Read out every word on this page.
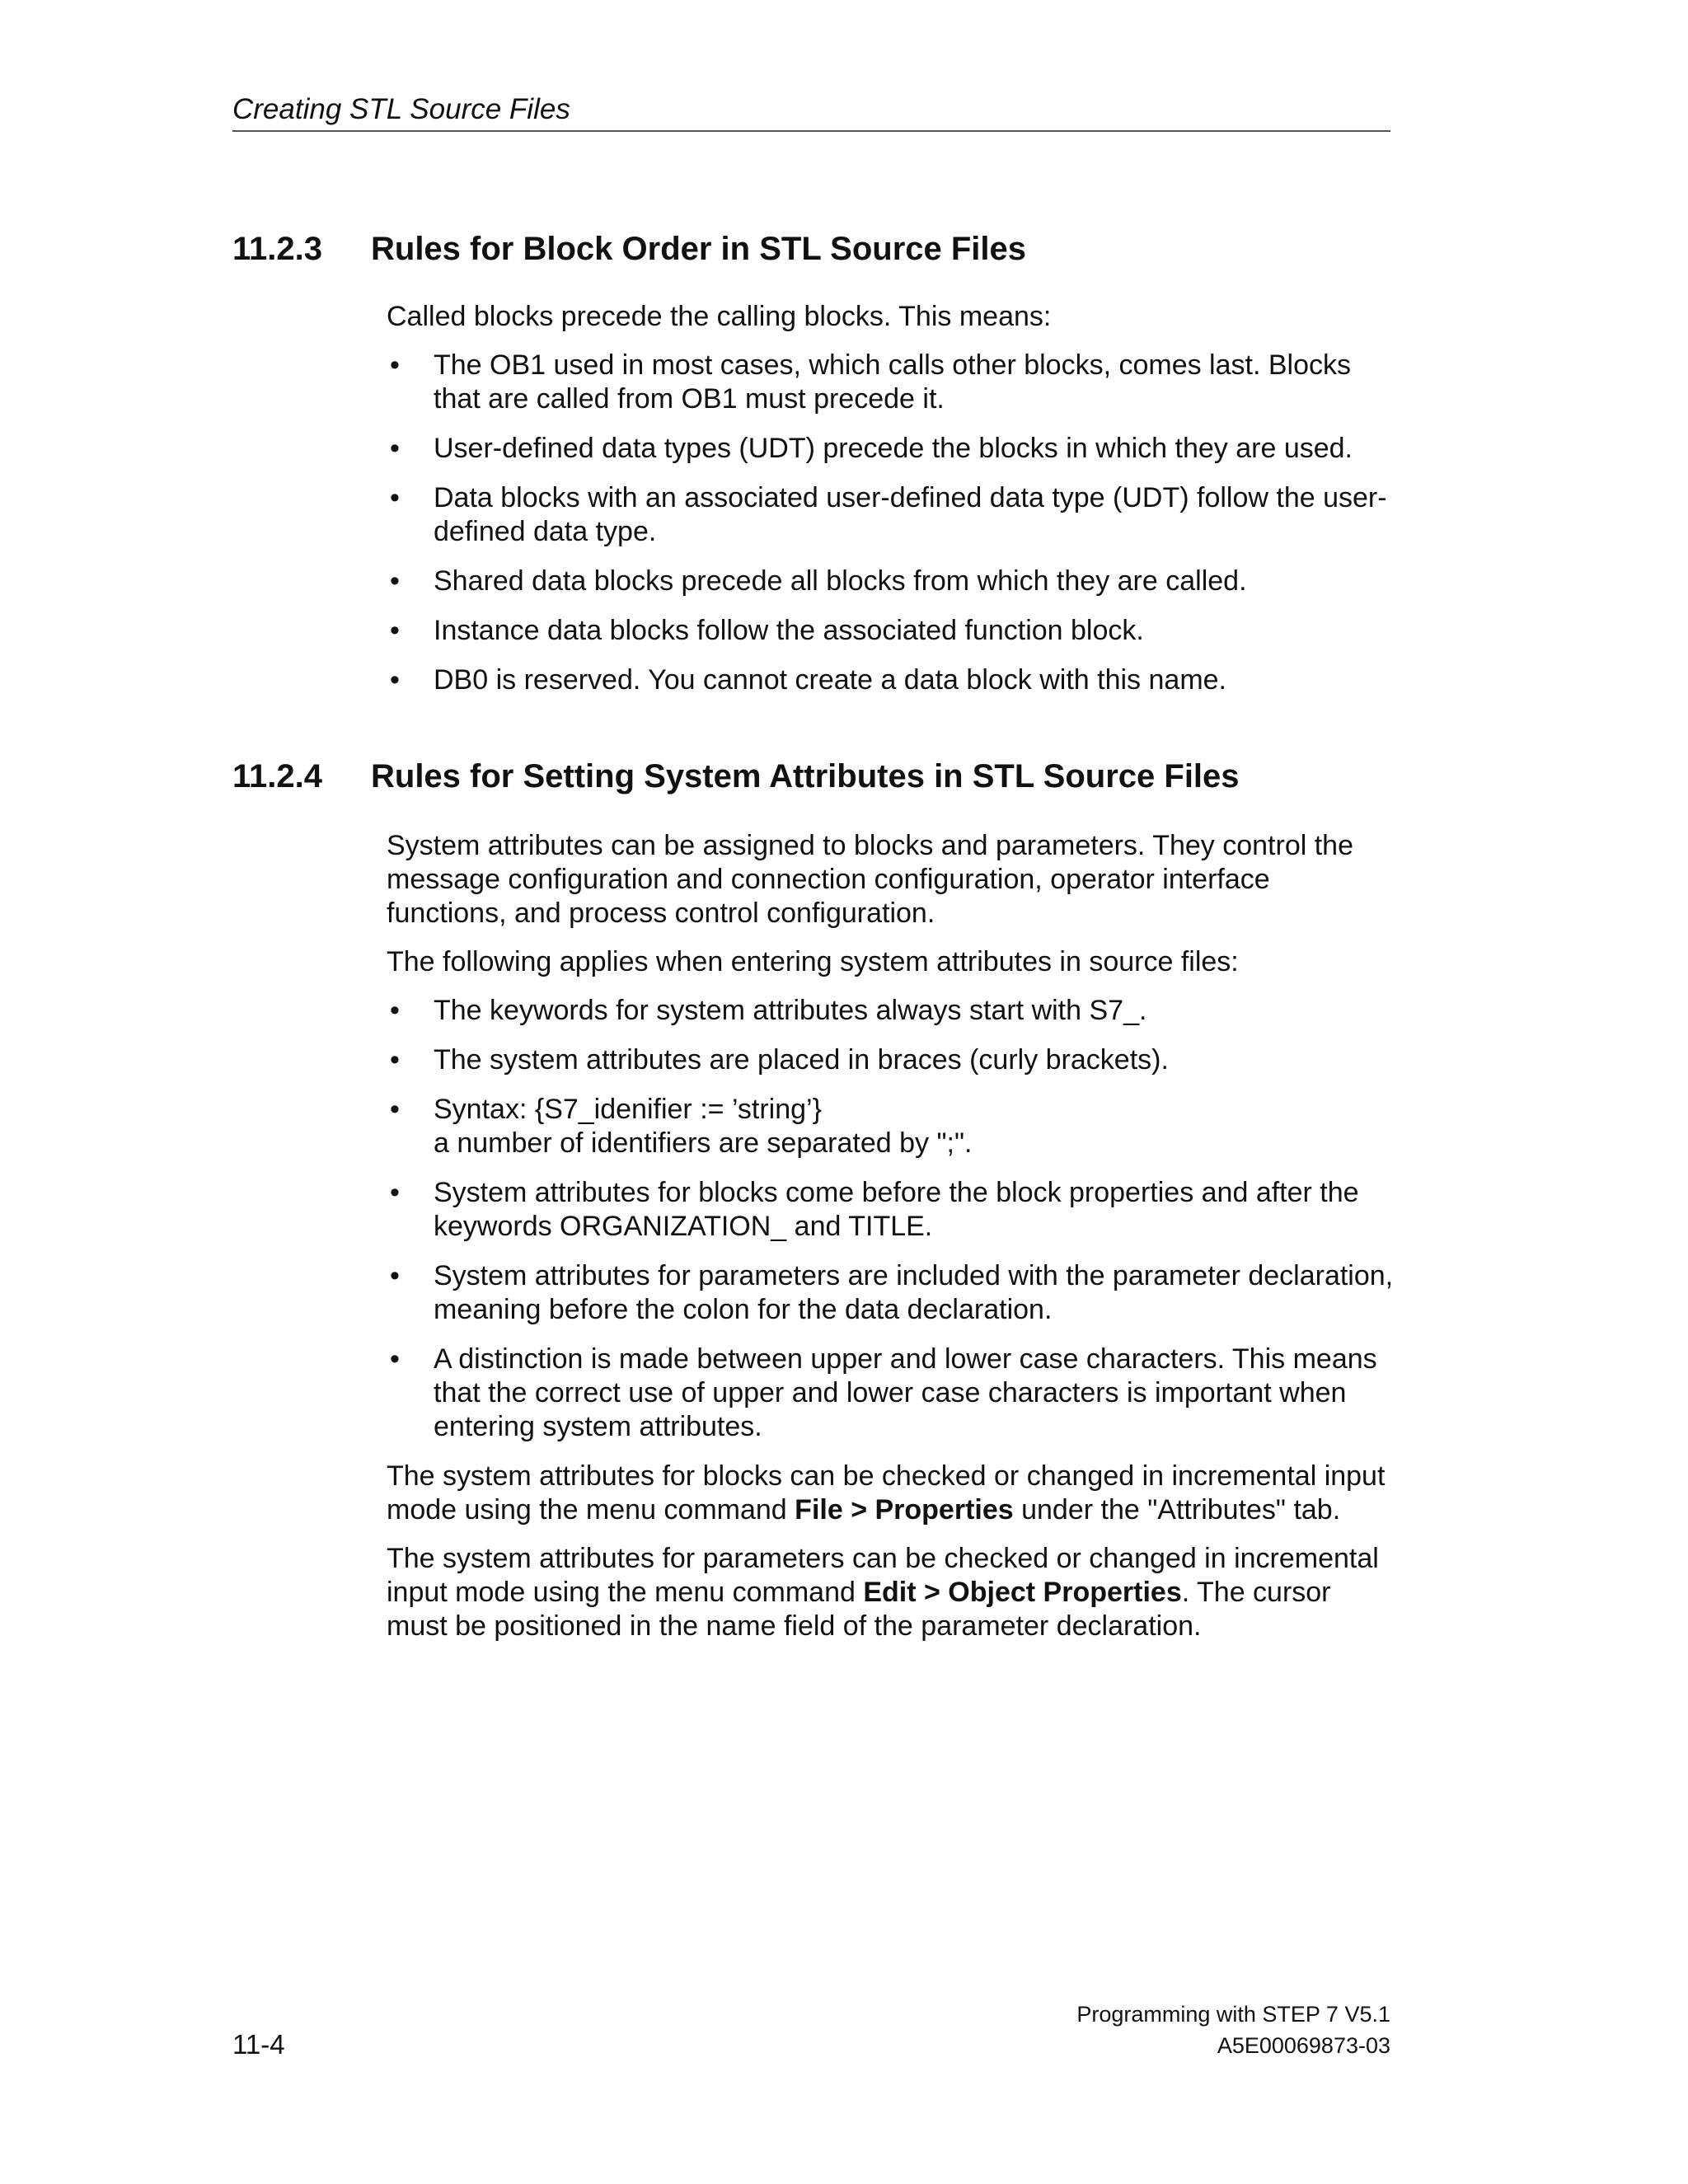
Creating STL Source Files
11.2.3 Rules for Block Order in STL Source Files

Called blocks precede the calling blocks. This means:

• The OB1 used in most cases, which calls other blocks, comes last. Blocks that are called from OB1 must precede it.
• User-defined data types (UDT) precede the blocks in which they are used.
• Data blocks with an associated user-defined data type (UDT) follow the user-defined data type.
• Shared data blocks precede all blocks from which they are called.
• Instance data blocks follow the associated function block.
• DB0 is reserved. You cannot create a data block with this name.
11.2.4 Rules for Setting System Attributes in STL Source Files

System attributes can be assigned to blocks and parameters. They control the message configuration and connection configuration, operator interface functions, and process control configuration.

The following applies when entering system attributes in source files:

• The keywords for system attributes always start with S7_.
• The system attributes are placed in braces (curly brackets).
• Syntax: {S7_idenifier := ’string’}
a number of identifiers are separated by ";".
• System attributes for blocks come before the block properties and after the keywords ORGANIZATION_ and TITLE.
• System attributes for parameters are included with the parameter declaration, meaning before the colon for the data declaration.
• A distinction is made between upper and lower case characters. This means that the correct use of upper and lower case characters is important when entering system attributes.

The system attributes for blocks can be checked or changed in incremental input mode using the menu command File > Properties under the "Attributes" tab.

The system attributes for parameters can be checked or changed in incremental input mode using the menu command Edit > Object Properties. The cursor must be positioned in the name field of the parameter declaration.

11-4
Programming with STEP 7 V5.1
A5E00069873-03
